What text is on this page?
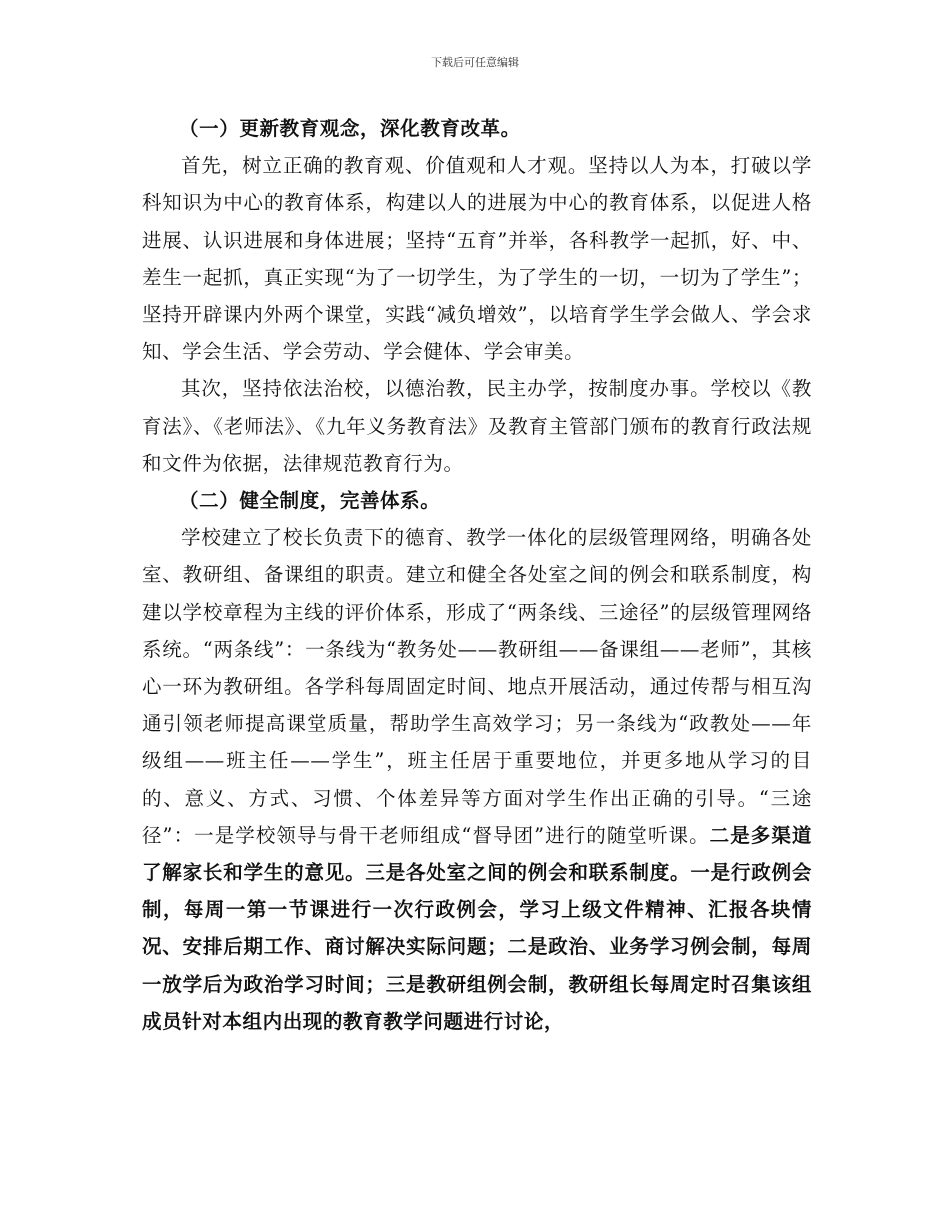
下载后可任意编辑

（一）更新教育观念，深化教育改革。

首先，树立正确的教育观、价值观和人才观。坚持以人为本，打破以学科知识为中心的教育体系，构建以人的进展为中心的教育体系，以促进人格进展、认识进展和身体进展；坚持“五育”并举，各科教学一起抓，好、中、差生一起抓，真正实现“为了一切学生，为了学生的一切，一切为了学生”；坚持开辟课内外两个课堂，实践“减负增效”，以培育学生学会做人、学会求知、学会生活、学会劳动、学会健体、学会审美。

其次，坚持依法治校，以德治教，民主办学，按制度办事。学校以《教育法》、《老师法》、《九年义务教育法》及教育主管部门颁布的教育行政法规和文件为依据，法律规范教育行为。

（二）健全制度，完善体系。

学校建立了校长负责下的德育、教学一体化的层级管理网络，明确各处室、教研组、备课组的职责。建立和健全各处室之间的例会和联系制度，构建以学校章程为主线的评价体系，形成了“两条线、三途径”的层级管理网络系统。“两条线”：一条线为“教务处——教研组——备课组——老师”，其核心一环为教研组。各学科每周固定时间、地点开展活动，通过传帮与相互沟通引领老师提高课堂质量，帮助学生高效学习；另一条线为“政教处——年级组——班主任——学生”，班主任居于重要地位，并更多地从学习的目的、意义、方式、习惯、个体差异等方面对学生作出正确的引导。“三途径”：一是学校领导与骨干老师组成“督导团”进行的随堂听课。二是多渠道了解家长和学生的意见。三是各处室之间的例会和联系制度。一是行政例会制，每周一第一节课进行一次行政例会，学习上级文件精神、汇报各块情况、安排后期工作、商讨解决实际问题；二是政治、业务学习例会制，每周一放学后为政治学习时间；三是教研组例会制，教研组长每周定时召集该组成员针对本组内出现的教育教学问题进行讨论，
